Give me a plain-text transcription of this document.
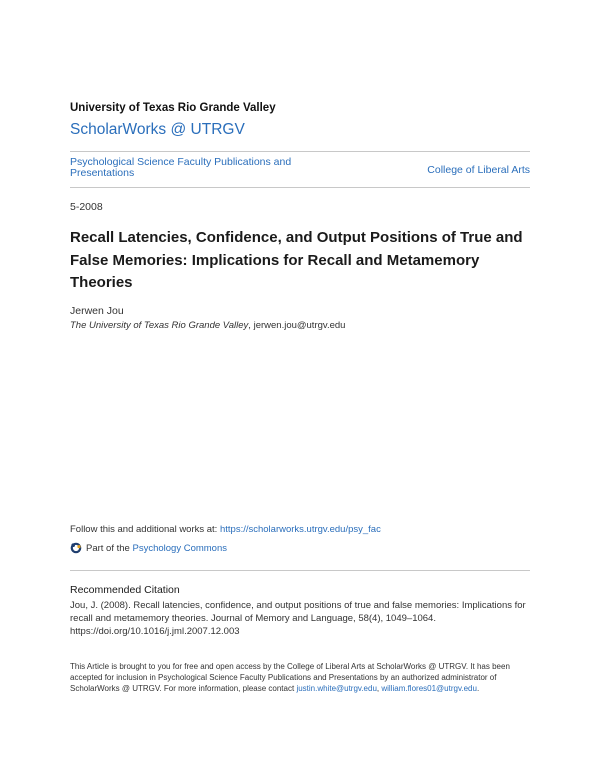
University of Texas Rio Grande Valley
ScholarWorks @ UTRGV
Psychological Science Faculty Publications and Presentations	College of Liberal Arts
5-2008
Recall Latencies, Confidence, and Output Positions of True and False Memories: Implications for Recall and Metamemory Theories
Jerwen Jou
The University of Texas Rio Grande Valley, jerwen.jou@utrgv.edu
Follow this and additional works at: https://scholarworks.utrgv.edu/psy_fac
Part of the
Psychology Commons
Recommended Citation
Jou, J. (2008). Recall latencies, confidence, and output positions of true and false memories: Implications for recall and metamemory theories. Journal of Memory and Language, 58(4), 1049–1064. https://doi.org/10.1016/j.jml.2007.12.003
This Article is brought to you for free and open access by the College of Liberal Arts at ScholarWorks @ UTRGV. It has been accepted for inclusion in Psychological Science Faculty Publications and Presentations by an authorized administrator of ScholarWorks @ UTRGV. For more information, please contact justin.white@utrgv.edu, william.flores01@utrgv.edu.
